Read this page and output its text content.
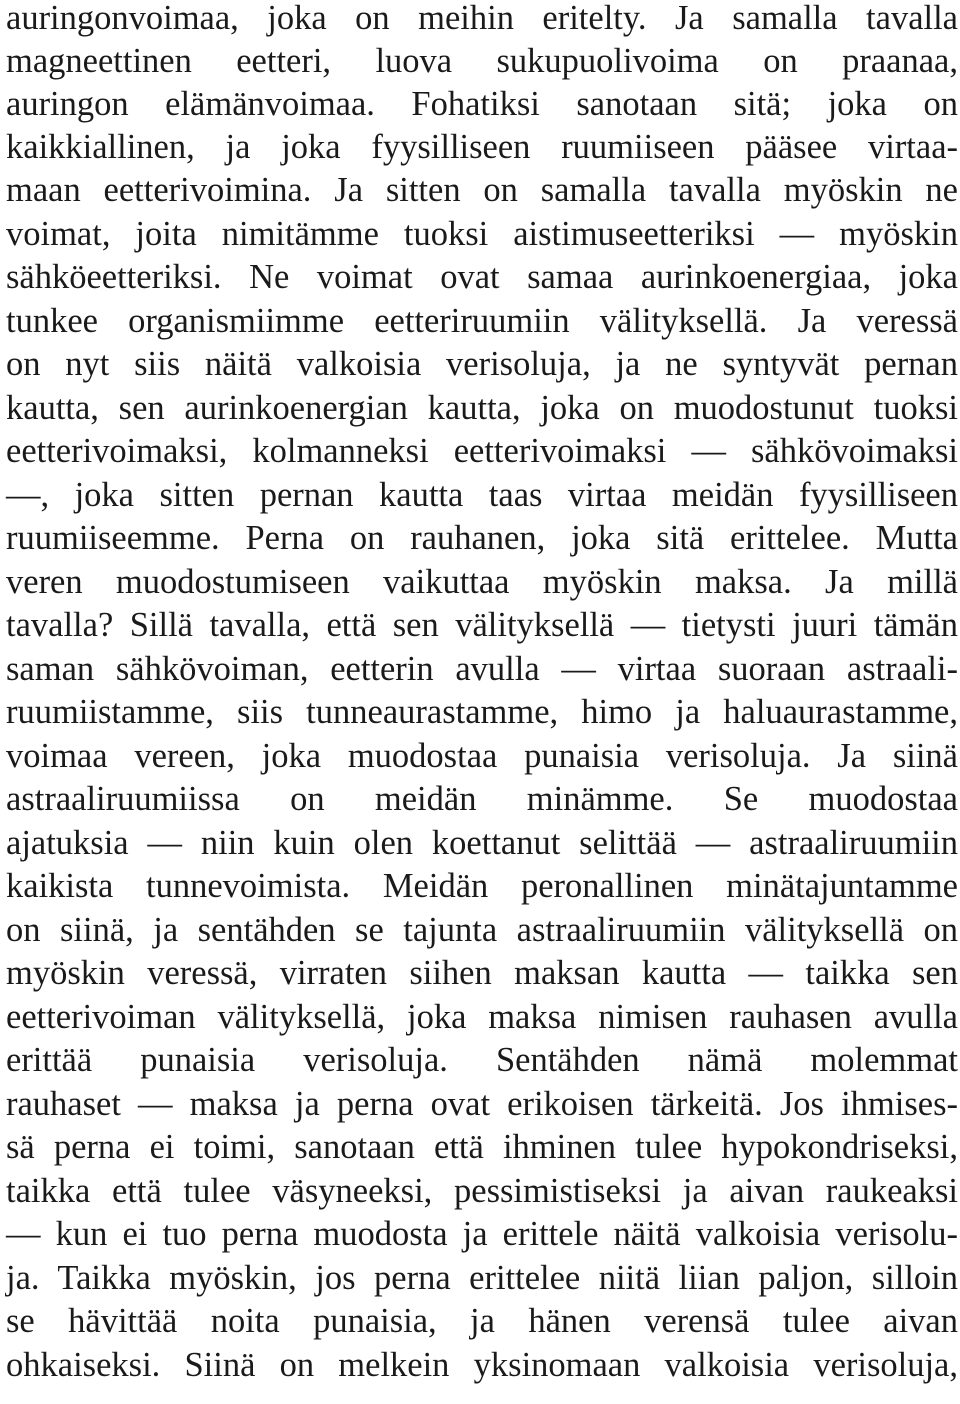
auringonvoimaa, joka on meihin eritelty. Ja samalla tavalla
magneettinen eetteri, luova sukupuolivoima on praanaa,
auringon elämänvoimaa. Fohatiksi sanotaan sitä; joka on
kaikkiallinen, ja joka fyysilliseen ruumiiseen pääsee virtaa-
maan eetterivoimina. Ja sitten on samalla tavalla myöskin ne
voimat, joita nimitämme tuoksi aistimuseetteriksi — myöskin
sähköeetteriksi. Ne voimat ovat samaa aurinkoenergiaa, joka
tunkee organismiimme eetteriruumiin välityksellä. Ja veressä
on nyt siis näitä valkoisia verisoluja, ja ne syntyvät pernan
kautta, sen aurinkoenergian kautta, joka on muodostunut tuoksi
eetterivoimaksi, kolmanneksi eetterivoimaksi — sähkövoimaksi
—, joka sitten pernan kautta taas virtaa meidän fyysilliseen
ruumiiseemme. Perna on rauhanen, joka sitä erittelee. Mutta
veren muodostumiseen vaikuttaa myöskin maksa. Ja millä
tavalla? Sillä tavalla, että sen välityksellä — tietysti juuri tämän
saman sähkövoiman, eetterin avulla — virtaa suoraan astraali-
ruumiistamme, siis tunneaurastamme, himo ja haluaurastamme,
voimaa vereen, joka muodostaa punaisia verisoluja. Ja siinä
astraaliruumiissa on meidän minämme. Se muodostaa
ajatuksia — niin kuin olen koettanut selittää — astraaliruumiin
kaikista tunnevoimista. Meidän peronallinen minätajuntamme
on siinä, ja sentähden se tajunta astraaliruumiin välityksellä on
myöskin veressä, virraten siihen maksan kautta — taikka sen
eetterivoiman välityksellä, joka maksa nimisen rauhasen avulla
erittää punaisia verisoluja. Sentähden nämä molemmat
rauhaset — maksa ja perna ovat erikoisen tärkeitä. Jos ihmises-
sä perna ei toimi, sanotaan että ihminen tulee hypokondriseksi,
taikka että tulee väsyneeksi, pessimistiseksi ja aivan raukeaksi
— kun ei tuo perna muodosta ja erittele näitä valkoisia verisolu-
ja. Taikka myöskin, jos perna erittelee niitä liian paljon, silloin
se hävittää noita punaisia, ja hänen verensä tulee aivan
ohkaiseksi. Siinä on melkein yksinomaan valkoisia verisoluja,
